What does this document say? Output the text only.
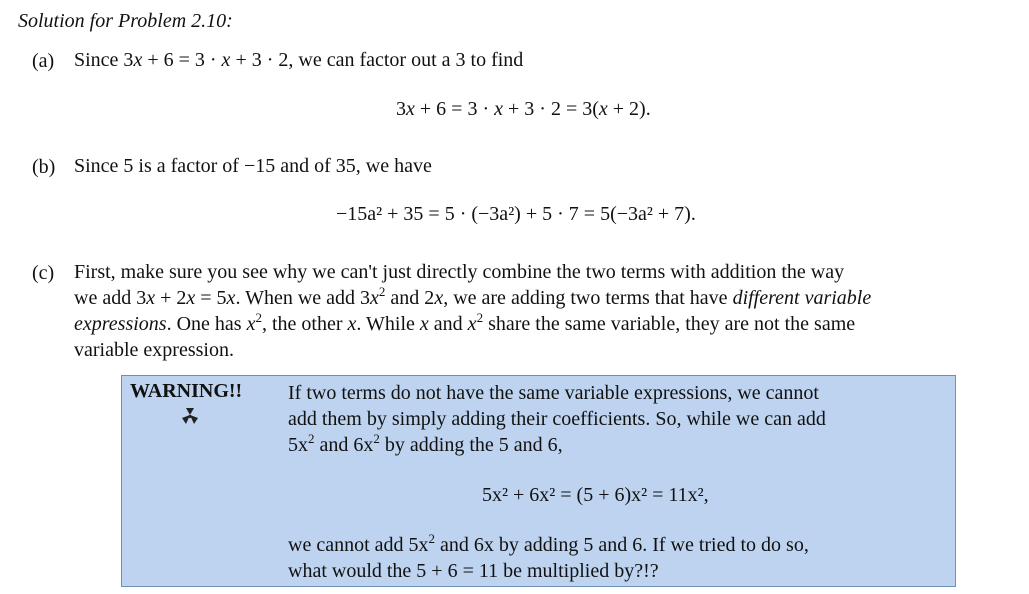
Solution for Problem 2.10:
(a) Since 3x + 6 = 3 · x + 3 · 2, we can factor out a 3 to find
3x + 6 = 3 · x + 3 · 2 = 3(x + 2).
(b) Since 5 is a factor of −15 and of 35, we have
−15a² + 35 = 5 · (−3a²) + 5 · 7 = 5(−3a² + 7).
(c) First, make sure you see why we can't just directly combine the two terms with addition the way
we add 3x + 2x = 5x. When we add $3x^2$ and 2x, we are adding two terms that have different variable
expressions. One has $x^2$, the other x. While x and $x^2$ share the same variable, they are not the same
variable expression.
WARNING!! If two terms do not have the same variable expressions, we cannot
add them by simply adding their coefficients. So, while we can add
$5x^2$ and $6x^2$ by adding the 5 and 6,
5x² + 6x² = (5 + 6)x² = 11x²,
we cannot add $5x^2$ and 6x by adding 5 and 6. If we tried to do so,
what would the 5 + 6 = 11 be multiplied by?!?
